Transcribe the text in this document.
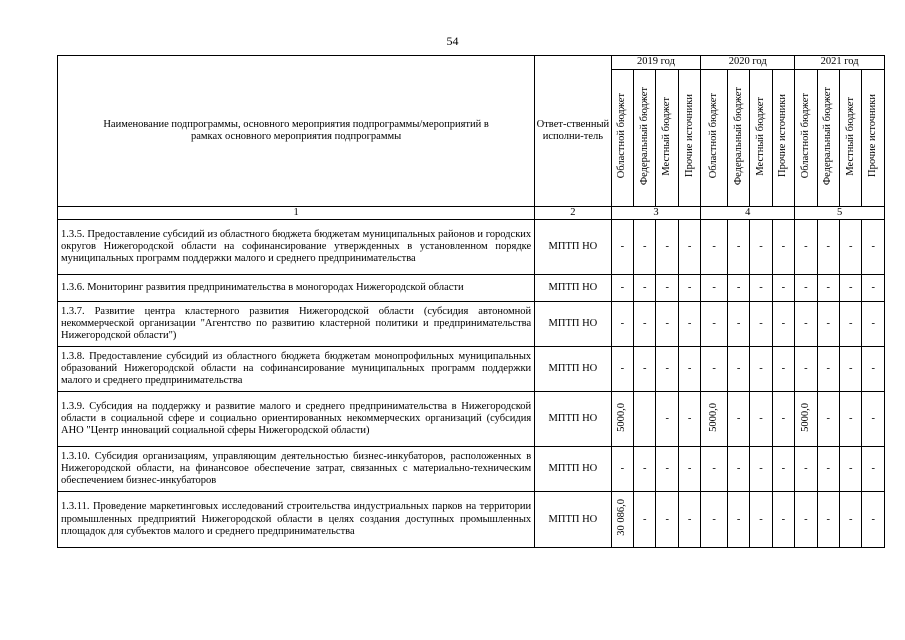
54
Наименование подпрограммы, основного мероприятия подпрограммы/мероприятий в рамках основного мероприятия подпрограммы	Ответ-ственный исполни-тель	2019 год				2020 год				2021 год			
		Областной бюджет	Федеральный бюджет	Местный бюджет	Прочие источники	Областной бюджет	Федеральный бюджет	Местный бюджет	Прочие источники	Областной бюджет	Федеральный бюджет	Местный бюджет	Прочие источники
1	2	3				4				5			
1.3.5. Предоставление субсидий из областного бюджета бюджетам муниципальных районов и городских округов Нижегородской области на софинансирование утвержденных в установленном порядке муниципальных программ поддержки малого и среднего предпринимательства	МПТП НО	-	-	-	-	-	-	-	-	-	-	-	-
1.3.6. Мониторинг развития предпринимательства в моногородах Нижегородской области	МПТП НО	-	-	-	-	-	-	-	-	-	-	-	-
1.3.7. Развитие центра кластерного развития Нижегородской области (субсидия автономной некоммерческой организации "Агентство по развитию кластерной политики и предпринимательства Нижегородской области")	МПТП НО	-	-	-	-	-	-	-	-	-	-	-	-
1.3.8. Предоставление субсидий из областного бюджета бюджетам монопрофильных муниципальных образований Нижегородской области на софинансирование муниципальных программ поддержки малого и среднего предпринимательства	МПТП НО	-	-	-	-	-	-	-	-	-	-	-	-
1.3.9. Субсидия на поддержку и развитие малого и среднего предпринимательства в Нижегородской области в социальной сфере и социально ориентированных некоммерческих организаций (субсидия АНО "Центр инноваций социальной сферы Нижегородской области)	МПТП НО	5000,0		-	-	5000,0	-	-	-	5000,0	-	-	-
1.3.10. Субсидия организациям, управляющим деятельностью бизнес-инкубаторов, расположенных в Нижегородской области, на финансовое обеспечение затрат, связанных с материально-техническим обеспечением бизнес-инкубаторов	МПТП НО	-	-	-	-	-	-	-	-	-	-	-	-
1.3.11. Проведение маркетинговых исследований строительства индустриальных парков на территории промышленных предприятий Нижегородской области в целях создания доступных промышленных площадок для субъектов малого и среднего предпринимательства	МПТП НО	30 086,0	-	-	-	-	-	-	-	-	-	-	-
